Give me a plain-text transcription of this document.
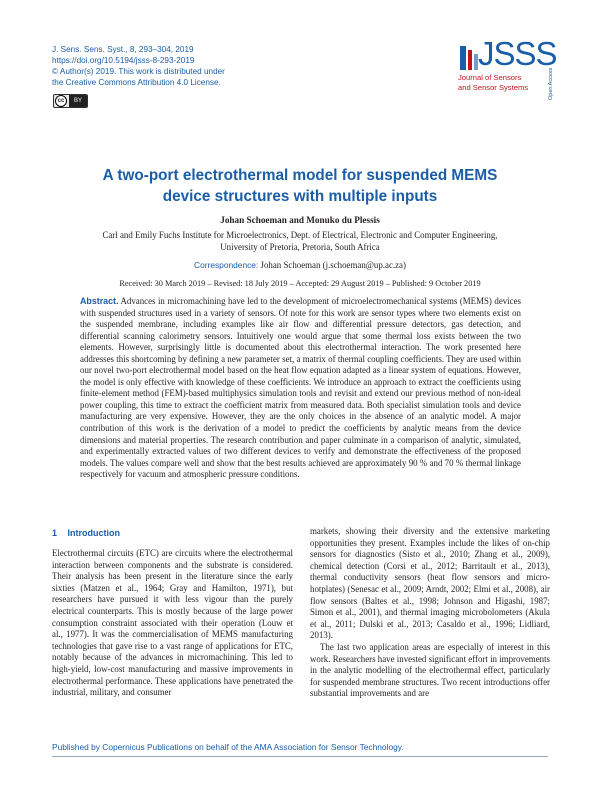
J. Sens. Sens. Syst., 8, 293–304, 2019
https://doi.org/10.5194/jsss-8-293-2019
© Author(s) 2019. This work is distributed under
the Creative Commons Attribution 4.0 License.
cc	BY
JSSS
Journal of Sensors
and Sensor Systems	Open Access
A two-port electrothermal model for suspended MEMS
device structures with multiple inputs
Johan Schoeman and Monuko du Plessis
Carl and Emily Fuchs Institute for Microelectronics, Dept. of Electrical, Electronic and Computer Engineering,
University of Pretoria, Pretoria, South Africa
Correspondence: Johan Schoeman (j.schoeman@up.ac.za)
Received: 30 March 2019 – Revised: 18 July 2019 – Accepted: 29 August 2019 – Published: 9 October 2019
Abstract. Advances in micromachining have led to the development of microelectromechanical systems (MEMS) devices with suspended structures used in a variety of sensors. Of note for this work are sensor types where two elements exist on the suspended membrane, including examples like air flow and differential pressure detectors, gas detection, and differential scanning calorimetry sensors. Intuitively one would argue that some thermal loss exists between the two elements. However, surprisingly little is documented about this electrothermal interaction. The work presented here addresses this shortcoming by defining a new parameter set, a matrix of thermal coupling coefficients. They are used within our novel two-port electrothermal model based on the heat flow equation adapted as a linear system of equations. However, the model is only effective with knowledge of these coefficients. We introduce an approach to extract the coefficients using finite-element method (FEM)-based multiphysics simulation tools and revisit and extend our previous method of non-ideal power coupling, this time to extract the coefficient matrix from measured data. Both specialist simulation tools and device manufacturing are very expensive. However, they are the only choices in the absence of an analytic model. A major contribution of this work is the derivation of a model to predict the coefficients by analytic means from the device dimensions and material properties. The research contribution and paper culminate in a comparison of analytic, simulated, and experimentally extracted values of two different devices to verify and demonstrate the effectiveness of the proposed models. The values compare well and show that the best results achieved are approximately 90 % and 70 % thermal linkage respectively for vacuum and atmospheric pressure conditions.
1 Introduction
Electrothermal circuits (ETC) are circuits where the electrothermal interaction between components and the substrate is considered. Their analysis has been present in the literature since the early sixties (Matzen et al., 1964; Gray and Hamilton, 1971), but researchers have pursued it with less vigour than the purely electrical counterparts. This is mostly because of the large power consumption constraint associated with their operation (Louw et al., 1977). It was the commercialisation of MEMS manufacturing technologies that gave rise to a vast range of applications for ETC, notably because of the advances in micromachining. This led to high-yield, low-cost manufacturing and massive improvements in electrothermal performance. These applications have penetrated the industrial, military, and consumer

markets, showing their diversity and the extensive marketing opportunities they present. Examples include the likes of on-chip sensors for diagnostics (Sisto et al., 2010; Zhang et al., 2009), chemical detection (Corsi et al., 2012; Barritault et al., 2013), thermal conductivity sensors (heat flow sensors and micro-hotplates) (Senesac et al., 2009; Arndt, 2002; Elmi et al., 2008), air flow sensors (Baltes et al., 1998; Johnson and Higashi, 1987; Simon et al., 2001), and thermal imaging microbolometers (Akula et al., 2011; Dulski et al., 2013; Casaldo et al., 1996; Lidliard, 2013).

The last two application areas are especially of interest in this work. Researchers have invested significant effort in improvements in the analytic modelling of the electrothermal effect, particularly for suspended membrane structures. Two recent introductions offer substantial improvements and are

Published by Copernicus Publications on behalf of the AMA Association for Sensor Technology.
